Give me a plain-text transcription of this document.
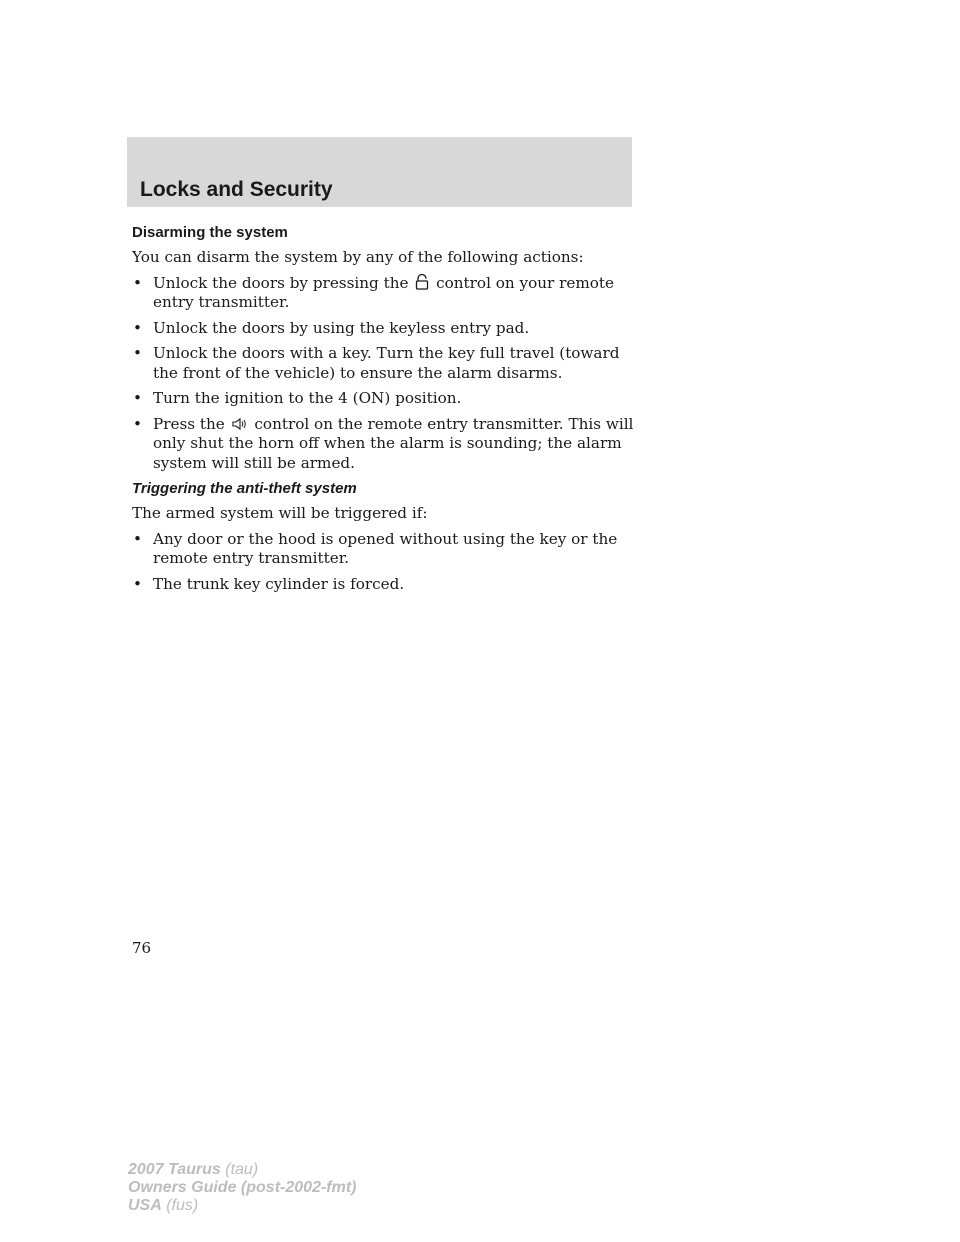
Locks and Security
Disarming the system

You can disarm the system by any of the following actions:

• Unlock the doors by pressing the control on your remote entry transmitter.
• Unlock the doors by using the keyless entry pad.
• Unlock the doors with a key. Turn the key full travel (toward the front of the vehicle) to ensure the alarm disarms.
• Turn the ignition to the 4 (ON) position.
• Press the control on the remote entry transmitter. This will only shut the horn off when the alarm is sounding; the alarm system will still be armed.
Triggering the anti-theft system

The armed system will be triggered if:

• Any door or the hood is opened without using the key or the remote entry transmitter.
• The trunk key cylinder is forced.
76
2007 Taurus (tau)
Owners Guide (post-2002-fmt)
USA (fus)
